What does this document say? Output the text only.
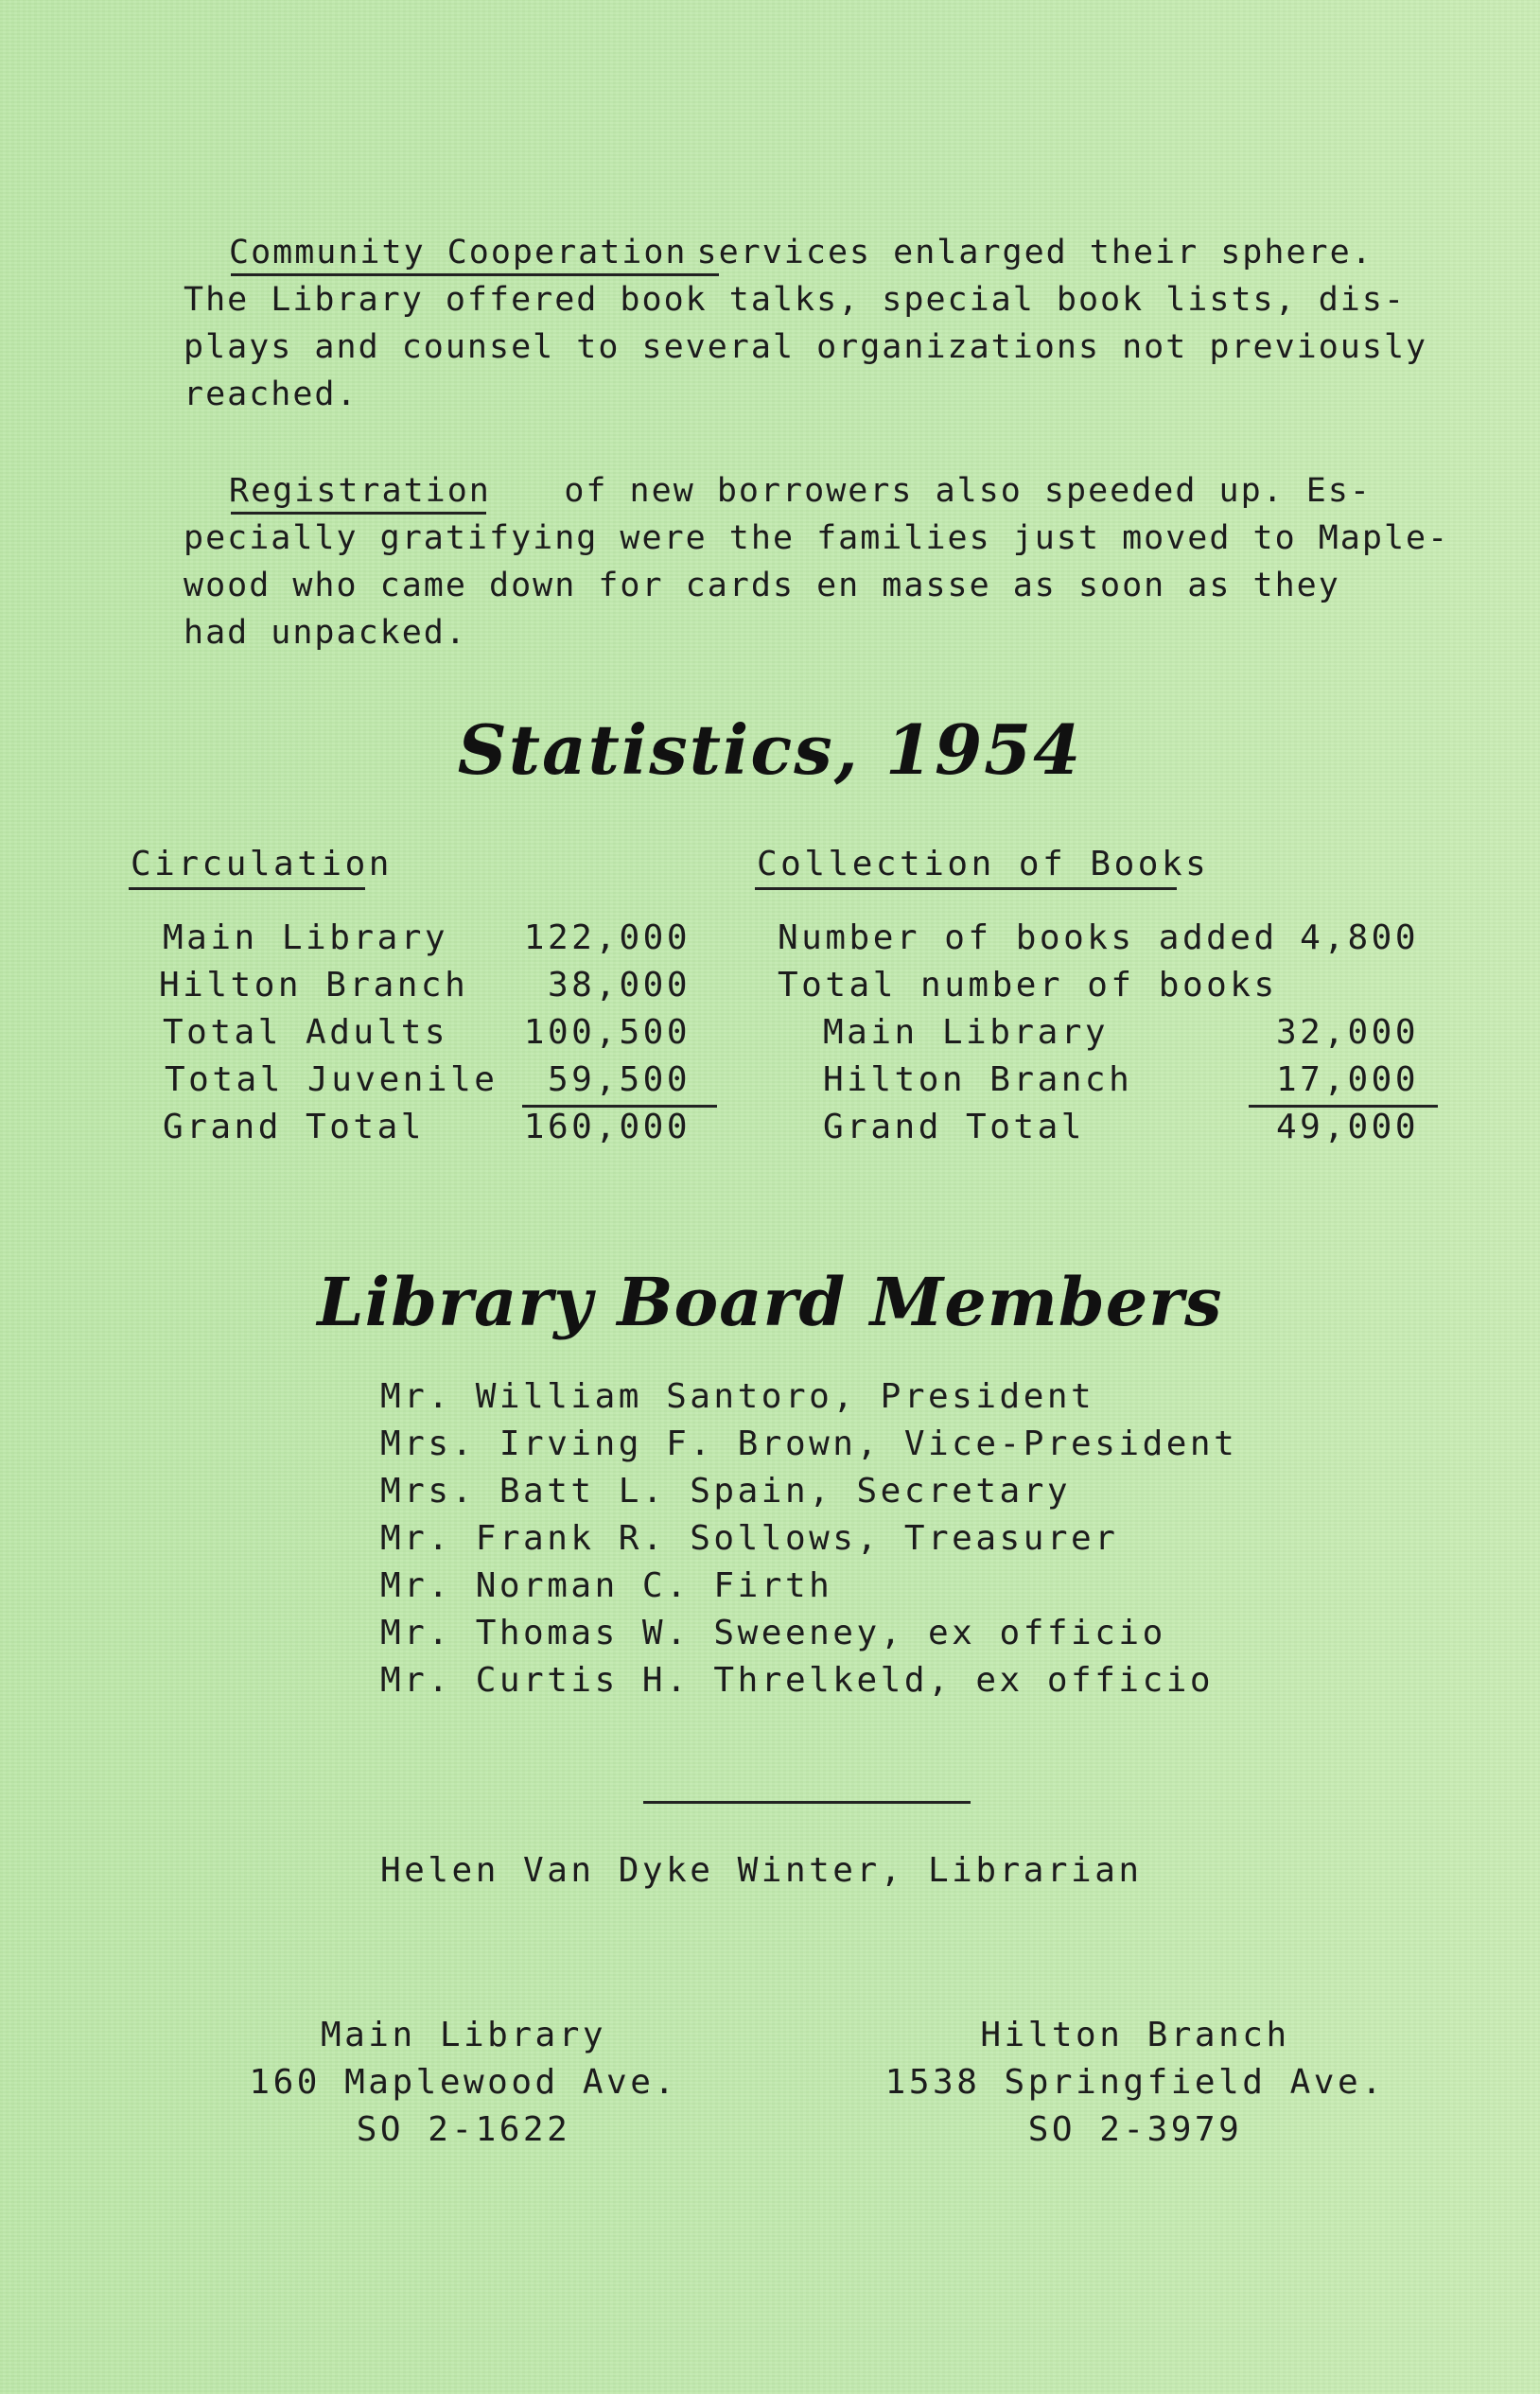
Community Cooperation services enlarged their sphere.
The Library offered book talks, special book lists, dis-
plays and counsel to several organizations not previously
reached.
Registration of new borrowers also speeded up. Es-
pecially gratifying were the families just moved to Maple-
wood who came down for cards en masse as soon as they
had unpacked.
Statistics, 1954
Circulation
Main Library	122,000
Hilton Branch	38,000
Total Adults	100,500
Total Juvenile	59,500
Grand Total	160,000
Collection of Books
Number of books added 4,800
Total number of books
Main Library	32,000
Hilton Branch	17,000
Grand Total	49,000
Library Board Members
Mr. William Santoro, President
Mrs. Irving F. Brown, Vice-President
Mrs. Batt L. Spain, Secretary
Mr. Frank R. Sollows, Treasurer
Mr. Norman C. Firth
Mr. Thomas W. Sweeney, ex officio
Mr. Curtis H. Threlkeld, ex officio
Helen Van Dyke Winter, Librarian
Main Library
160 Maplewood Ave.
SO 2-1622
Hilton Branch
1538 Springfield Ave.
SO 2-3979
